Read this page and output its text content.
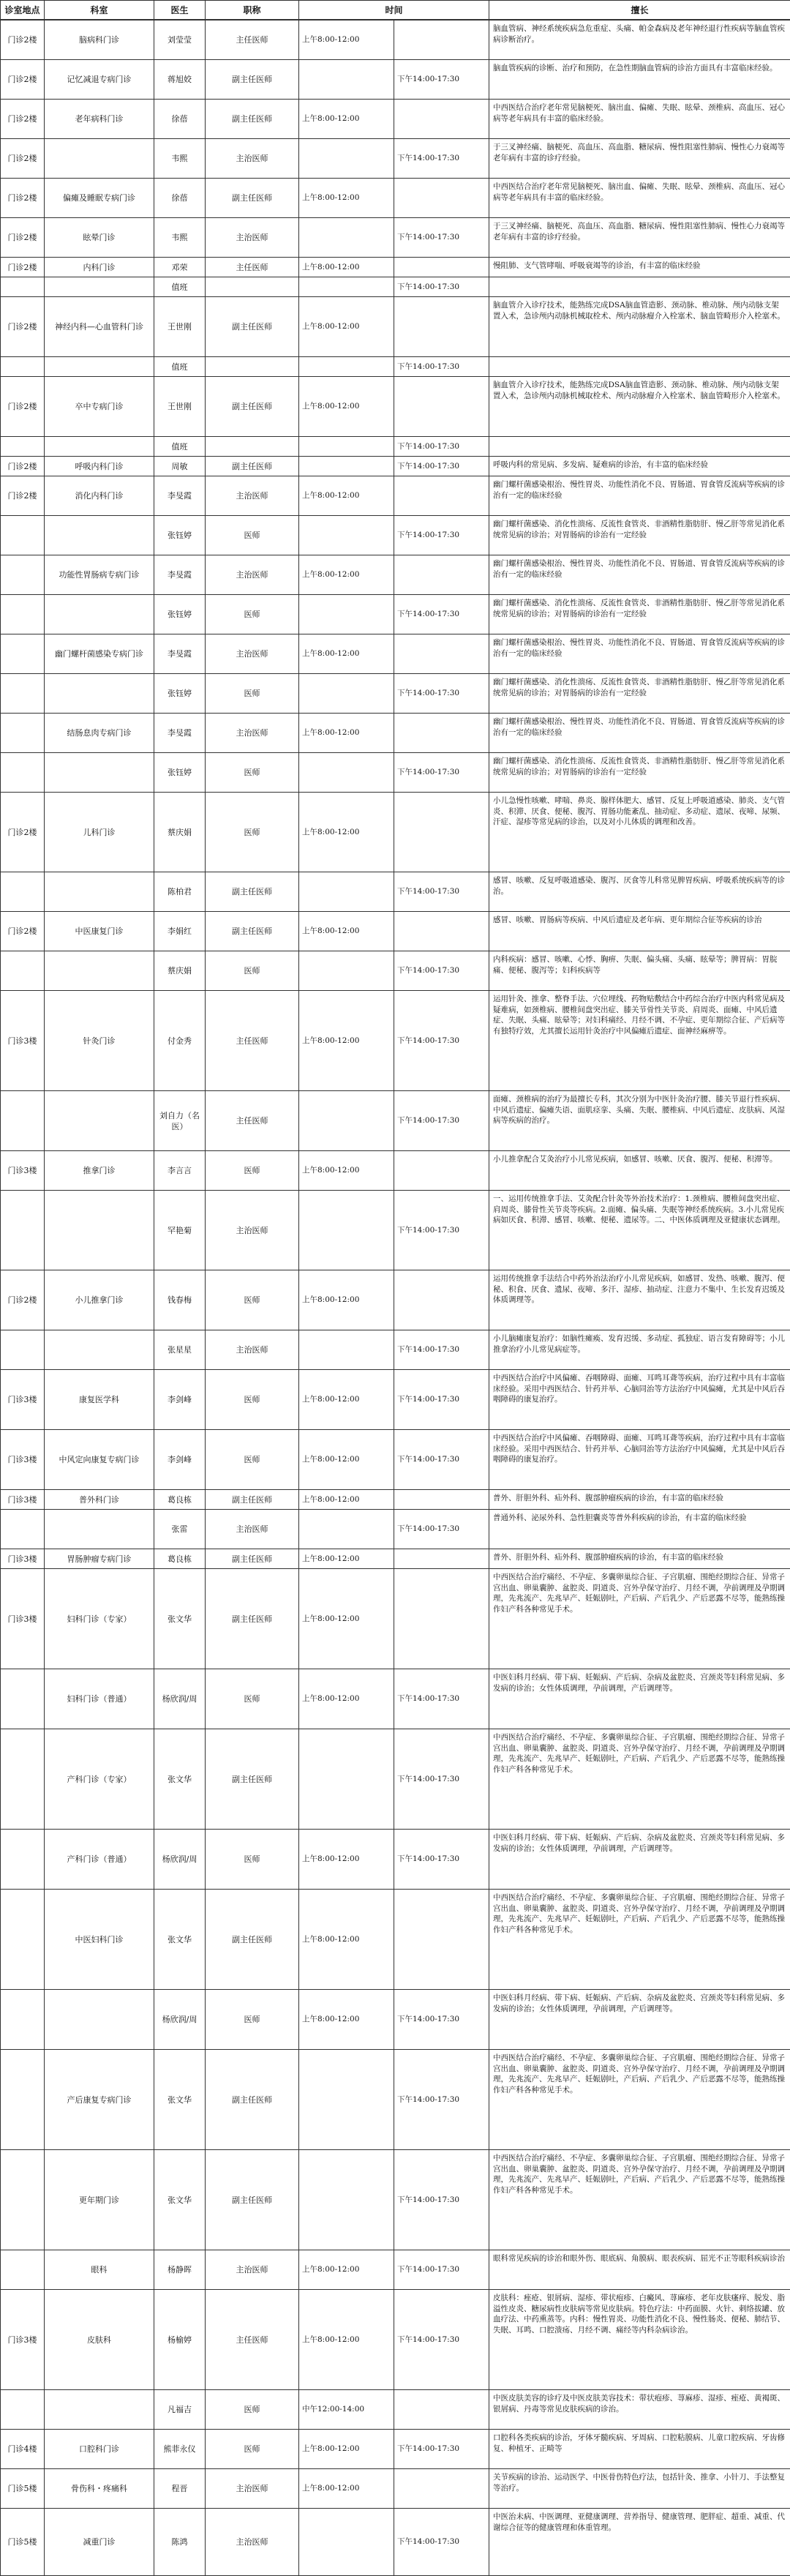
诊室地点	科室	医生	职称	时间	擅长
门诊2楼	脑病科门诊	刘莹莹	主任医师	上午8:00-12:00		脑血管病、神经系统疾病急危重症、头痛、帕金森病及老年神经退行性疾病等脑血管疾病诊断治疗。
门诊2楼	记忆减退专病门诊	蒋旭姣	副主任医师		下午14:00-17:30	脑血管疾病的诊断、治疗和预防，在急性期脑血管病的诊治方面具有丰富临床经验。
门诊2楼	老年病科门诊	徐蓓	副主任医师	上午8:00-12:00		中西医结合治疗老年常见脑梗死、脑出血、偏瘫、失眠、眩晕、颈椎病、高血压、冠心病等老年病具有丰富的临床经验。
门诊2楼		韦熙	主治医师		下午14:00-17:30	于三叉神经痛、脑梗死、高血压、高血脂、糖尿病、慢性阻塞性肺病、慢性心力衰竭等老年病有丰富的诊疗经验。
门诊2楼	偏瘫及睡眠专病门诊	徐蓓	副主任医师	上午8:00-12:00		中西医结合治疗老年常见脑梗死、脑出血、偏瘫、失眠、眩晕、颈椎病、高血压、冠心病等老年病具有丰富的临床经验。
门诊2楼	眩晕门诊	韦熙	主治医师		下午14:00-17:30	于三叉神经痛、脑梗死、高血压、高血脂、糖尿病、慢性阻塞性肺病、慢性心力衰竭等老年病有丰富的诊疗经验。
门诊2楼	内科门诊	邓荣	主任医师	上午8:00-12:00		慢阻肺、支气管哮喘、呼吸衰竭等的诊治，有丰富的临床经验
		值班			下午14:00-17:30	
门诊2楼	神经内科—心血管科门诊	王世刚	副主任医师	上午8:00-12:00		脑血管介入诊疗技术，能熟练完成DSA脑血管造影、颈动脉、椎动脉、颅内动脉支架置入术，急诊颅内动脉机械取栓术、颅内动脉瘤介入栓塞术、脑血管畸形介入栓塞术。
		值班			下午14:00-17:30	
门诊2楼	卒中专病门诊	王世刚	副主任医师	上午8:00-12:00		脑血管介入诊疗技术，能熟练完成DSA脑血管造影、颈动脉、椎动脉、颅内动脉支架置入术，急诊颅内动脉机械取栓术、颅内动脉瘤介入栓塞术、脑血管畸形介入栓塞术。
		值班			下午14:00-17:30	
门诊2楼	呼吸内科门诊	周敏	副主任医师		下午14:00-17:30	呼吸内科的常见病、多发病、疑难病的诊治，有丰富的临床经验
门诊2楼	消化内科门诊	李旻霞	主治医师	上午8:00-12:00		幽门螺杆菌感染根治、慢性胃炎、功能性消化不良、胃肠道、胃食管反流病等疾病的诊治有一定的临床经验
		张钰婷	医师		下午14:00-17:30	幽门螺杆菌感染、消化性溃疡、反流性食管炎、非酒精性脂肪肝、慢乙肝等常见消化系统常见病的诊治；对胃肠病的诊治有一定经验
	功能性胃肠病专病门诊	李旻霞	主治医师	上午8:00-12:00		幽门螺杆菌感染根治、慢性胃炎、功能性消化不良、胃肠道、胃食管反流病等疾病的诊治有一定的临床经验
		张钰婷	医师		下午14:00-17:30	幽门螺杆菌感染、消化性溃疡、反流性食管炎、非酒精性脂肪肝、慢乙肝等常见消化系统常见病的诊治；对胃肠病的诊治有一定经验
	幽门螺杆菌感染专病门诊	李旻霞	主治医师	上午8:00-12:00		幽门螺杆菌感染根治、慢性胃炎、功能性消化不良、胃肠道、胃食管反流病等疾病的诊治有一定的临床经验
		张钰婷	医师		下午14:00-17:30	幽门螺杆菌感染、消化性溃疡、反流性食管炎、非酒精性脂肪肝、慢乙肝等常见消化系统常见病的诊治；对胃肠病的诊治有一定经验
	结肠息肉专病门诊	李旻霞	主治医师	上午8:00-12:00		幽门螺杆菌感染根治、慢性胃炎、功能性消化不良、胃肠道、胃食管反流病等疾病的诊治有一定的临床经验
		张钰婷	医师		下午14:00-17:30	幽门螺杆菌感染、消化性溃疡、反流性食管炎、非酒精性脂肪肝、慢乙肝等常见消化系统常见病的诊治；对胃肠病的诊治有一定经验
门诊2楼	儿科门诊	蔡庆娟	医师	上午8:00-12:00		小儿急慢性咳嗽、哮喘、鼻炎、腺样体肥大、感冒、反复上呼吸道感染、肺炎、支气管炎、积滞、厌食、便秘、腹泻、胃肠功能紊乱、抽动症、多动症、遗尿、夜啼、尿频、汗症、湿疹等常见病的诊治，以及对小儿体质的调理和改善。
		陈柏君	副主任医师		下午14:00-17:30	感冒、咳嗽、反复呼吸道感染、腹泻、厌食等儿科常见脾胃疾病、呼吸系统疾病等的诊治。
门诊2楼	中医康复门诊	李娟红	副主任医师	上午8:00-12:00		感冒、咳嗽、胃肠病等疾病、中风后遗症及老年病、更年期综合征等疾病的诊治
		蔡庆娟	医师		下午14:00-17:30	内科疾病：感冒、咳嗽、心悸、胸痹、失眠、偏头痛、头痛、眩晕等；脾胃病：胃脘痛、便秘、腹泻等；妇科疾病等
门诊3楼	针灸门诊	付金秀	主任医师	上午8:00-12:00	下午14:00-17:30	运用针灸、推拿、整脊手法、穴位埋线、药物贴敷结合中药综合治疗中医内科常见病及疑难病，如颈椎病、腰椎间盘突出症、膝关节骨性关节炎、肩周炎、面瘫、中风后遗症、失眠、头痛、眩晕等；对妇科痛经、月经不调、不孕症、更年期综合征、产后病等有独特疗效，尤其擅长运用针灸治疗中风偏瘫后遗症、面神经麻痹等。
		刘自力（名医）	主任医师		下午14:00-17:30	面瘫、颈椎病的治疗为最擅长专科，其次分别为中医针灸治疗腰、膝关节退行性疾病、中风后遗症、偏瘫失语、面肌痉挛、头痛、失眠、腰椎病、中风后遗症、皮肤病、风湿病等疾病的治疗。
门诊3楼	推拿门诊	李言言	医师	上午8:00-12:00		小儿推拿配合艾灸治疗小儿常见疾病，如感冒、咳嗽、厌食、腹泻、便秘、积滞等。
		罕艳菊	主治医师		下午14:00-17:30	一、运用传统推拿手法、艾灸配合针灸等外治技术治疗：1.颈椎病、腰椎间盘突出症、肩周炎、膝骨性关节炎等疾病。2.面瘫、偏头痛、失眠等神经系统疾病。3.小儿常见疾病如厌食、积滞、感冒、咳嗽、便秘、遗尿等。二、中医体质调理及亚健康状态调理。
门诊2楼	小儿推拿门诊	钱春梅	医师	上午8:00-12:00		运用传统推拿手法结合中药外治法治疗小儿常见疾病，如感冒、发热、咳嗽、腹泻、便秘、积食、厌食、遗尿、夜啼、多汗、湿疹、抽动症、注意力不集中、生长发育迟缓及体质调理等。
		张星星	主治医师		下午14:00-17:30	小儿脑瘫康复治疗：如脑性瘫痪、发育迟缓、多动症、孤独症、语言发育障碍等；小儿推拿治疗小儿常见病症等。
门诊3楼	康复医学科	李剑峰	医师	上午8:00-12:00	下午14:00-17:30	中西医结合治疗中风偏瘫、吞咽障碍、面瘫、耳鸣耳聋等疾病，治疗过程中具有丰富临床经验。采用中西医结合、针药并举、心脑同治等方法治疗中风偏瘫，尤其是中风后吞咽障碍的康复治疗。
门诊3楼	中风定向康复专病门诊	李剑峰	医师	上午8:00-12:00	下午14:00-17:30	中西医结合治疗中风偏瘫、吞咽障碍、面瘫、耳鸣耳聋等疾病，治疗过程中具有丰富临床经验。采用中西医结合、针药并举、心脑同治等方法治疗中风偏瘫，尤其是中风后吞咽障碍的康复治疗。
门诊3楼	普外科门诊	葛良栋	副主任医师	上午8:00-12:00		普外、肝胆外科、疝外科、腹部肿瘤疾病的诊治，有丰富的临床经验
		张雷	主治医师		下午14:00-17:30	普通外科、泌尿外科、急性胆囊炎等普外科疾病的诊治，有丰富的临床经验
门诊3楼	胃肠肿瘤专病门诊	葛良栋	副主任医师	上午8:00-12:00		普外、肝胆外科、疝外科、腹部肿瘤疾病的诊治，有丰富的临床经验
门诊3楼	妇科门诊（专家）	张文华	副主任医师	上午8:00-12:00		中西医结合治疗痛经、不孕症、多囊卵巢综合征、子宫肌瘤、围绝经期综合征、异常子宫出血、卵巢囊肿、盆腔炎、阴道炎、宫外孕保守治疗、月经不调，孕前调理及孕期调理，先兆流产、先兆早产、妊娠剧吐，产后病、产后乳少、产后恶露不尽等，能熟练操作妇产科各种常见手术。
	妇科门诊（普通）	杨欣润/周	医师	上午8:00-12:00	下午14:00-17:30	中医妇科月经病、带下病、妊娠病、产后病、杂病及盆腔炎、宫颈炎等妇科常见病、多发病的诊治；女性体质调理，孕前调理，产后调理等。
	产科门诊（专家）	张文华	副主任医师		下午14:00-17:30	中西医结合治疗痛经、不孕症、多囊卵巢综合征、子宫肌瘤、围绝经期综合征、异常子宫出血、卵巢囊肿、盆腔炎、阴道炎、宫外孕保守治疗、月经不调，孕前调理及孕期调理，先兆流产、先兆早产、妊娠剧吐，产后病、产后乳少、产后恶露不尽等，能熟练操作妇产科各种常见手术。
	产科门诊（普通）	杨欣润/周	医师	上午8:00-12:00	下午14:00-17:30	中医妇科月经病、带下病、妊娠病、产后病、杂病及盆腔炎、宫颈炎等妇科常见病、多发病的诊治；女性体质调理，孕前调理，产后调理等。
	中医妇科门诊	张文华	副主任医师	上午8:00-12:00		中西医结合治疗痛经、不孕症、多囊卵巢综合征、子宫肌瘤、围绝经期综合征、异常子宫出血、卵巢囊肿、盆腔炎、阴道炎、宫外孕保守治疗、月经不调，孕前调理及孕期调理，先兆流产、先兆早产、妊娠剧吐，产后病、产后乳少、产后恶露不尽等，能熟练操作妇产科各种常见手术。
		杨欣润/周	医师	上午8:00-12:00	下午14:00-17:30	中医妇科月经病、带下病、妊娠病、产后病、杂病及盆腔炎、宫颈炎等妇科常见病、多发病的诊治；女性体质调理，孕前调理，产后调理等。
	产后康复专病门诊	张文华	副主任医师		下午14:00-17:30	中西医结合治疗痛经、不孕症、多囊卵巢综合征、子宫肌瘤、围绝经期综合征、异常子宫出血、卵巢囊肿、盆腔炎、阴道炎、宫外孕保守治疗、月经不调，孕前调理及孕期调理，先兆流产、先兆早产、妊娠剧吐，产后病、产后乳少、产后恶露不尽等，能熟练操作妇产科各种常见手术。
	更年期门诊	张文华	副主任医师		下午14:00-17:30	中西医结合治疗痛经、不孕症、多囊卵巢综合征、子宫肌瘤、围绝经期综合征、异常子宫出血、卵巢囊肿、盆腔炎、阴道炎、宫外孕保守治疗、月经不调，孕前调理及孕期调理，先兆流产、先兆早产、妊娠剧吐，产后病、产后乳少、产后恶露不尽等，能熟练操作妇产科各种常见手术。
	眼科	杨静晖	主治医师	上午8:00-12:00	下午14:00-17:30	眼科常见疾病的诊治和眼外伤、眼底病、角膜病、眼表疾病、屈光不正等眼科疾病诊治
门诊3楼	皮肤科	杨榆婷	主任医师	上午8:00-12:00	下午14:00-17:30	皮肤科：痤疮、银屑病、湿疹、带状疱疹、白癜风、荨麻疹、老年皮肤瘙痒、脱发、脂溢性皮炎、糖尿病性皮肤病等常见皮肤病。特色疗法：中药面膜、火针、刺络拔罐、放血疗法、中药熏蒸等。内科：慢性胃炎、功能性消化不良、慢性肠炎、便秘、肺结节、失眠、耳鸣、口腔溃疡、月经不调、痛经等内科杂病诊治。
		凡福吉	医师	中午12:00-14:00		中医皮肤美容的诊疗及中医皮肤美容技术：带状疱疹、荨麻疹、湿疹、痤疮、黄褐斑、银屑病、丹毒等常见皮肤疾病的诊治。
门诊4楼	口腔科门诊	熊菲永仪	医师	上午8:00-12:00	下午14:00-17:30	口腔科各类疾病的诊治，牙体牙髓疾病、牙周病、口腔粘膜病、儿童口腔疾病、牙齿修复、种植牙、正畸等
门诊5楼	骨伤科・疼痛科	程晋	主治医师	上午8:00-12:00		关节疾病的诊治、运动医学、中医骨伤特色疗法，包括针灸、推拿、小针刀、手法整复等治疗。
门诊5楼	减重门诊	陈鸿	主治医师		下午14:00-17:30	中医治未病、中医调理、亚健康调理、营养指导、健康管理、肥胖症、超重、减重、代谢综合征等的健康管理和体重管理。
